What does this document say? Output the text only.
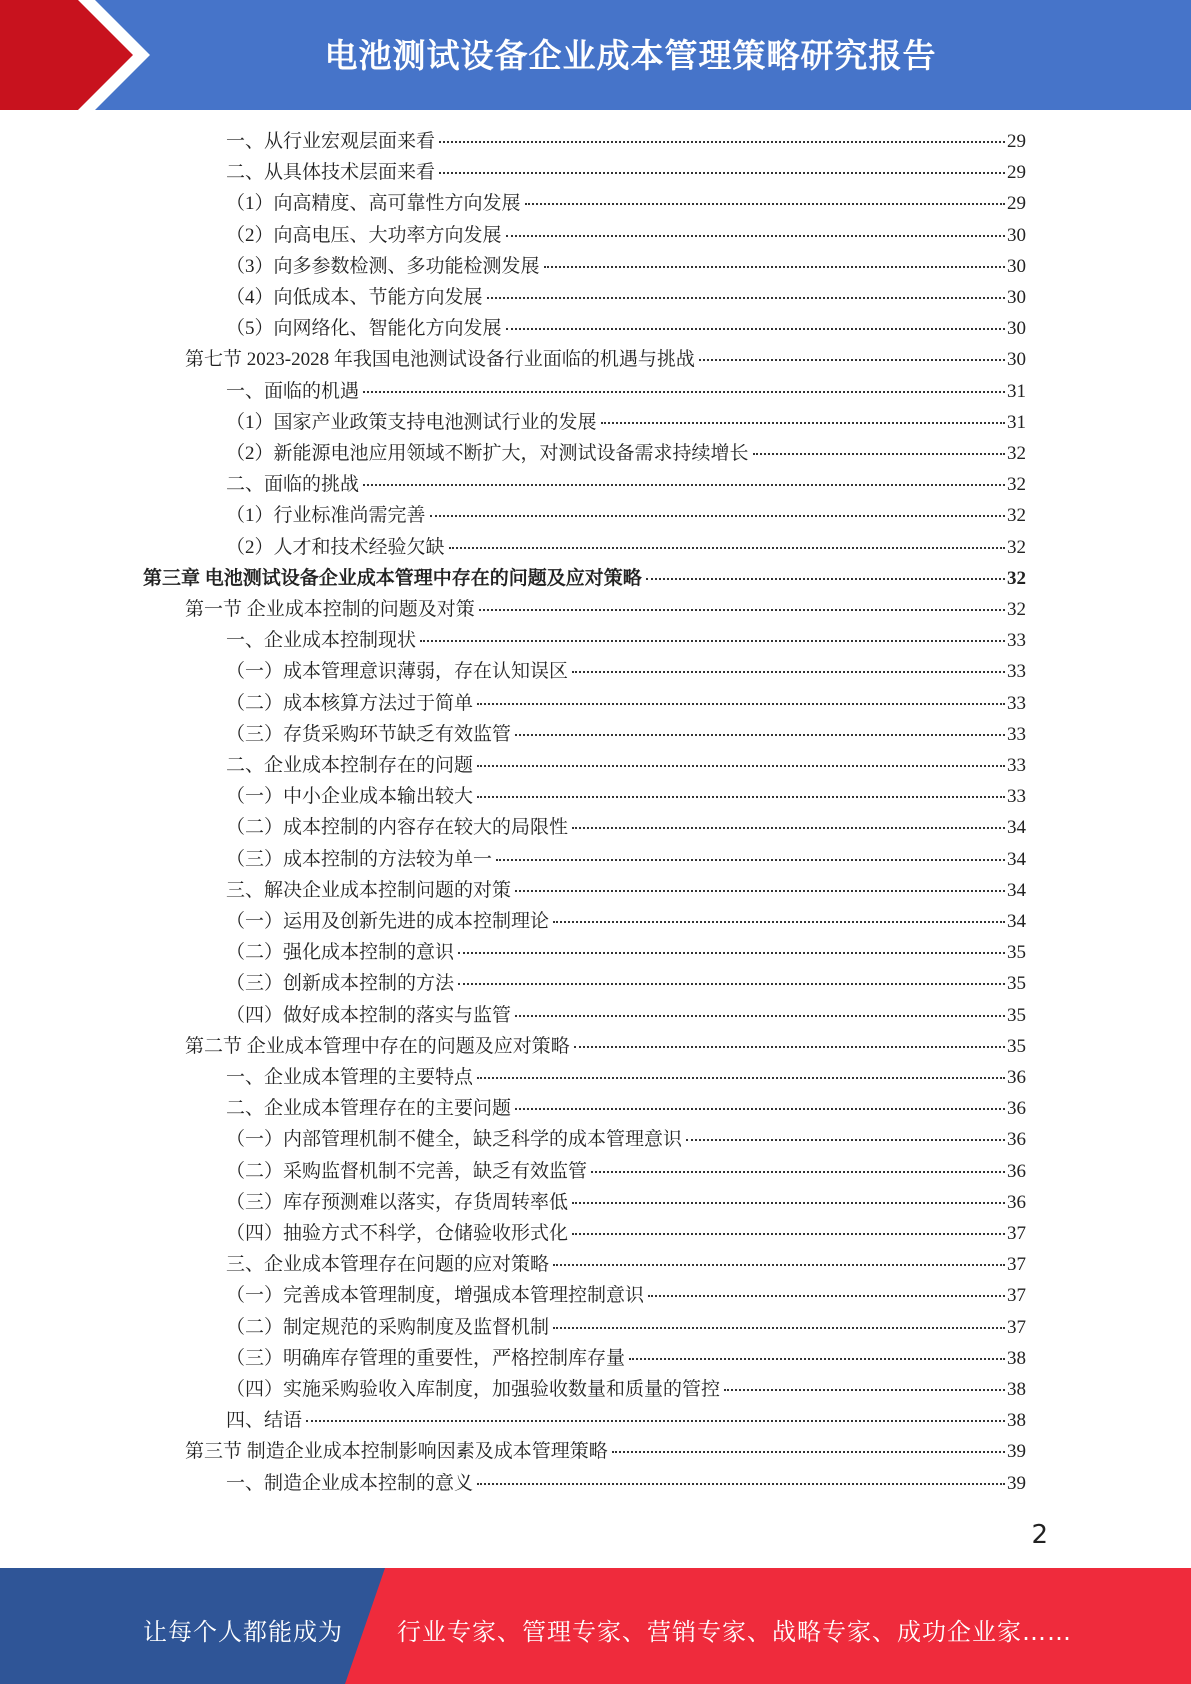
电池测试设备企业成本管理策略研究报告
一、从行业宏观层面来看	29
二、从具体技术层面来看	29
（1）向高精度、高可靠性方向发展	29
（2）向高电压、大功率方向发展	30
（3）向多参数检测、多功能检测发展	30
（4）向低成本、节能方向发展	30
（5）向网络化、智能化方向发展	30
第七节 2023-2028 年我国电池测试设备行业面临的机遇与挑战	30
一、面临的机遇	31
（1）国家产业政策支持电池测试行业的发展	31
（2）新能源电池应用领域不断扩大，对测试设备需求持续增长	32
二、面临的挑战	32
（1）行业标准尚需完善	32
（2）人才和技术经验欠缺	32
第三章 电池测试设备企业成本管理中存在的问题及应对策略	32
第一节 企业成本控制的问题及对策	32
一、企业成本控制现状	33
（一）成本管理意识薄弱，存在认知误区	33
（二）成本核算方法过于简单	33
（三）存货采购环节缺乏有效监管	33
二、企业成本控制存在的问题	33
（一）中小企业成本输出较大	33
（二）成本控制的内容存在较大的局限性	34
（三）成本控制的方法较为单一	34
三、解决企业成本控制问题的对策	34
（一）运用及创新先进的成本控制理论	34
（二）强化成本控制的意识	35
（三）创新成本控制的方法	35
（四）做好成本控制的落实与监管	35
第二节 企业成本管理中存在的问题及应对策略	35
一、企业成本管理的主要特点	36
二、企业成本管理存在的主要问题	36
（一）内部管理机制不健全，缺乏科学的成本管理意识	36
（二）采购监督机制不完善，缺乏有效监管	36
（三）库存预测难以落实，存货周转率低	36
（四）抽验方式不科学，仓储验收形式化	37
三、企业成本管理存在问题的应对策略	37
（一）完善成本管理制度，增强成本管理控制意识	37
（二）制定规范的采购制度及监督机制	37
（三）明确库存管理的重要性，严格控制库存量	38
（四）实施采购验收入库制度，加强验收数量和质量的管控	38
四、结语	38
第三节 制造企业成本控制影响因素及成本管理策略	39
一、制造企业成本控制的意义	39
2
让每个人都能成为 行业专家、管理专家、营销专家、战略专家、成功企业家……
